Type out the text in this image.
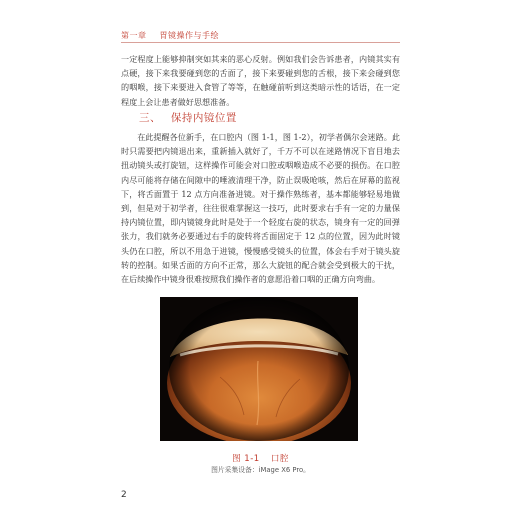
第一章 胃镜操作与手绘
一定程度上能够抑制突如其来的恶心反射。例如我们会告诉患者，内镜其实有点硬，接下来我要碰到您的舌面了，接下来要碰到您的舌根，接下来会碰到您的咽喉，接下来要进入食管了等等，在触碰前听到这类暗示性的话语，在一定程度上会让患者做好思想准备。
三、 保持内镜位置
在此提醒各位新手，在口腔内（图 1-1，图 1-2），初学者偶尔会迷路。此时只需要把内镜退出来，重新插入就好了，千万不可以在迷路情况下盲目地去扭动镜头或打旋钮，这样操作可能会对口腔或咽喉造成不必要的损伤。在口腔内尽可能将存储在间隙中的唾液清理干净，防止误吸呛咳，然后在屏幕的监视下，将舌面置于 12 点方向准备进镜。对于操作熟练者，基本都能够轻易地做到，但是对于初学者，往往很难掌握这一技巧，此时要求右手有一定的力量保持内镜位置，即内镜镜身此时是处于一个轻度右旋的状态，镜身有一定的回弹张力，我们就务必要通过右手的旋转将舌面固定于 12 点的位置，因为此时镜头仍在口腔，所以不用急于进镜，慢慢感受镜头的位置，体会右手对于镜头旋转的控制。如果舌面的方向不正常，那么大旋钮的配合就会受到极大的干扰，在后续操作中镜身很难按照我们操作者的意愿沿着口咽的正确方向弯曲。
图 1-1 口腔
图片采集设备：iMage X6 Pro。
2
